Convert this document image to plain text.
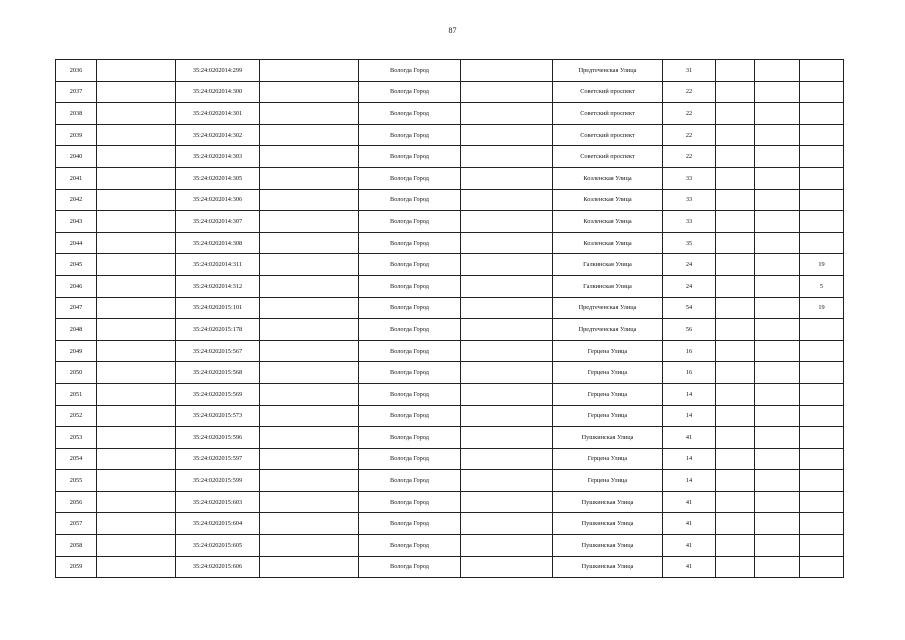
87
2036		35:24:0202014:299		Вологда Город		Предтеченская Улица	31			
2037		35:24:0202014:300		Вологда Город		Советский проспект	22			
2038		35:24:0202014:301		Вологда Город		Советский проспект	22			
2039		35:24:0202014:302		Вологда Город		Советский проспект	22			
2040		35:24:0202014:303		Вологда Город		Советский проспект	22			
2041		35:24:0202014:305		Вологда Город		Козленская Улица	33			
2042		35:24:0202014:306		Вологда Город		Козленская Улица	33			
2043		35:24:0202014:307		Вологда Город		Козленская Улица	33			
2044		35:24:0202014:308		Вологда Город		Козленская Улица	35			
2045		35:24:0202014:311		Вологда Город		Галкинская Улица	24			19
2046		35:24:0202014:312		Вологда Город		Галкинская Улица	24			5
2047		35:24:0202015:101		Вологда Город		Предтеченская Улица	54			19
2048		35:24:0202015:178		Вологда Город		Предтеченская Улица	56			
2049		35:24:0202015:567		Вологда Город		Герцена Улица	16			
2050		35:24:0202015:568		Вологда Город		Герцена Улица	16			
2051		35:24:0202015:569		Вологда Город		Герцена Улица	14			
2052		35:24:0202015:573		Вологда Город		Герцена Улица	14			
2053		35:24:0202015:596		Вологда Город		Пушкинская Улица	41			
2054		35:24:0202015:597		Вологда Город		Герцена Улица	14			
2055		35:24:0202015:599		Вологда Город		Герцена Улица	14			
2056		35:24:0202015:603		Вологда Город		Пушкинская Улица	41			
2057		35:24:0202015:604		Вологда Город		Пушкинская Улица	41			
2058		35:24:0202015:605		Вологда Город		Пушкинская Улица	41			
2059		35:24:0202015:606		Вологда Город		Пушкинская Улица	41			
